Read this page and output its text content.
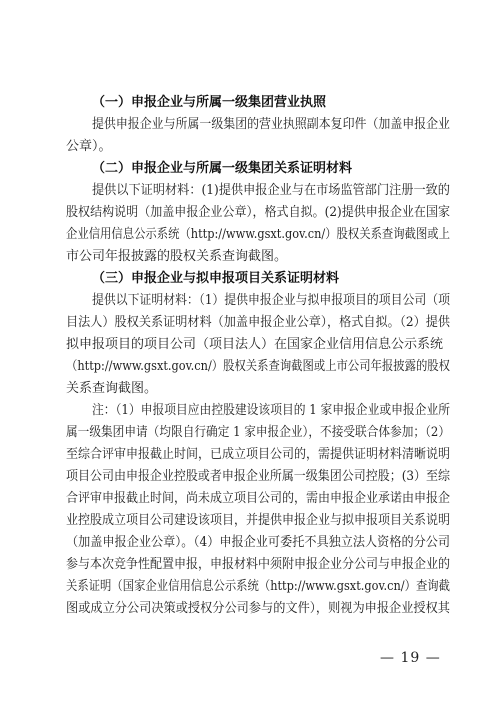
（一）申报企业与所属一级集团营业执照
提供申报企业与所属一级集团的营业执照副本复印件（加盖申报企业
公章）。
（二）申报企业与所属一级集团关系证明材料
提供以下证明材料：(1)提供申报企业与在市场监管部门注册一致的
股权结构说明（加盖申报企业公章），格式自拟。(2)提供申报企业在国家
企业信用信息公示系统（http://www.gsxt.gov.cn/）股权关系查询截图或上
市公司年报披露的股权关系查询截图。
（三）申报企业与拟申报项目关系证明材料
提供以下证明材料：（1）提供申报企业与拟申报项目的项目公司（项
目法人）股权关系证明材料（加盖申报企业公章），格式自拟。（2）提供
拟申报项目的项目公司（项目法人）在国家企业信用信息公示系统
（http://www.gsxt.gov.cn/）股权关系查询截图或上市公司年报披露的股权
关系查询截图。
注：（1）申报项目应由控股建设该项目的 1 家申报企业或申报企业所
属一级集团申请（均限自行确定 1 家申报企业），不接受联合体参加；（2）
至综合评审申报截止时间，已成立项目公司的，需提供证明材料清晰说明
项目公司由申报企业控股或者申报企业所属一级集团公司控股；(3）至综
合评审申报截止时间，尚未成立项目公司的，需由申报企业承诺由申报企
业控股成立项目公司建设该项目，并提供申报企业与拟申报项目关系说明
（加盖申报企业公章）。（4）申报企业可委托不具独立法人资格的分公司
参与本次竞争性配置申报，申报材料中须附申报企业分公司与申报企业的
关系证明（国家企业信用信息公示系统（http://www.gsxt.gov.cn/）查询截
图或成立分公司决策或授权分公司参与的文件），则视为申报企业授权其
— 19 —
